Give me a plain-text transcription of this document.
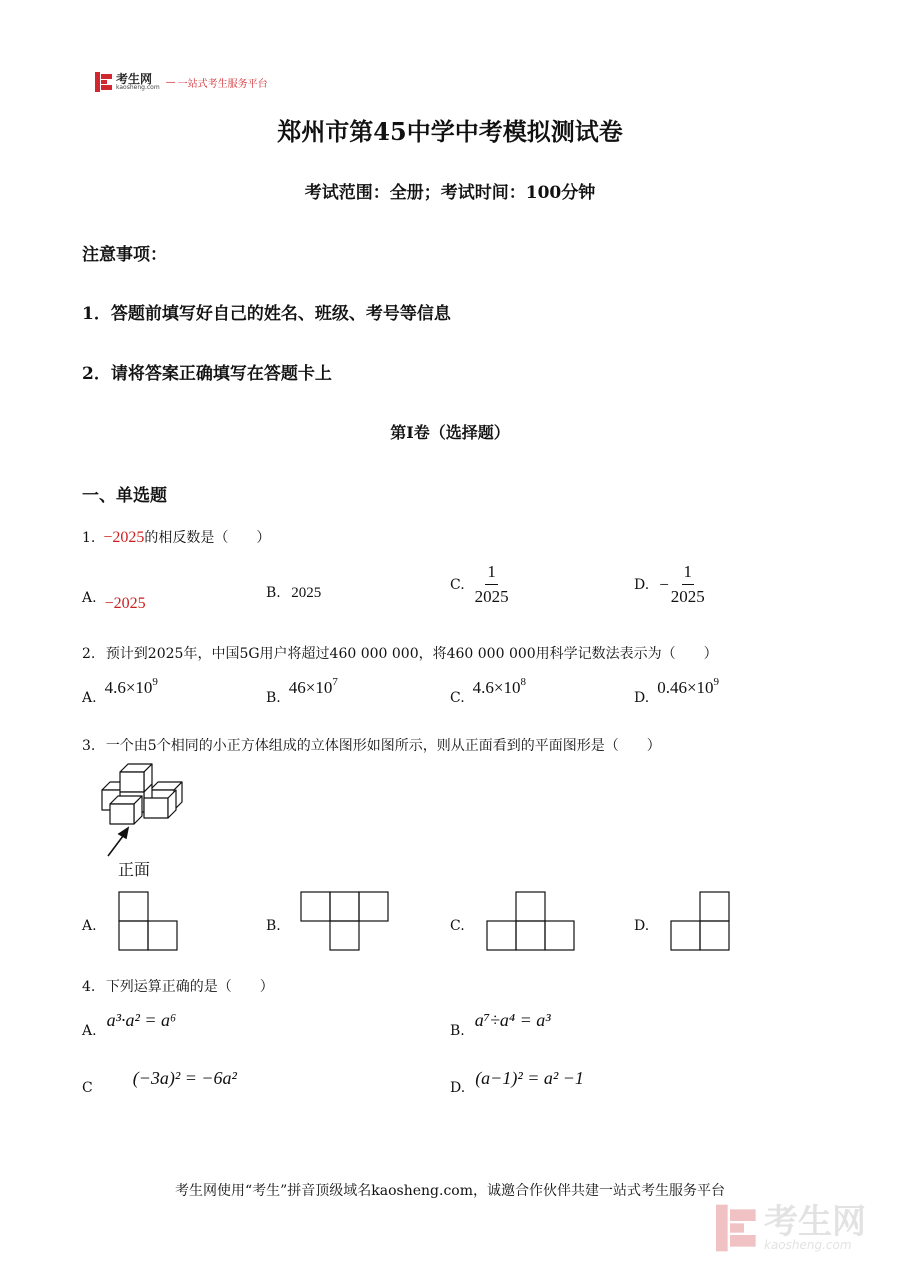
考生网
kaosheng.com — 一站式考生服务平台
郑州市第45中学中考模拟测试卷
考试范围：全册；考试时间：100分钟
注意事项：
1．答题前填写好自己的姓名、班级、考号等信息
2．请将答案正确填写在答题卡上
第I卷（选择题）
一、单选题
1. −2025 的相反数是（　　）
A. −2025
B. 2025
C. $\frac{1}{2025}$	D. − $\frac{1}{2025}$
2. 预计到2025年，中国5G用户将超过460 000 000，将460 000 000用科学记数法表示为（　　）
A.
$4.6\times 10^9$
B.
$46\times 10^7$
C.
$4.6\times 10^8$
D.
$0.46\times 10^9$
3. 一个由5个相同的小正方体组成的立体图形如图所示，则从正面看到的平面图形是（　　）
正面
A.	B.	C.	D.
4. 下列运算正确的是（　　）
A.
a³·a² = a⁶
B.
a⁷÷a⁴ = a³
C (−3a)² = −6a²	D. (a−1)² = a² −1
考生网使用“考生”拼音顶级域名kaosheng.com，诚邀合作伙伴共建一站式考生服务平台
考生网
kaosheng.com
